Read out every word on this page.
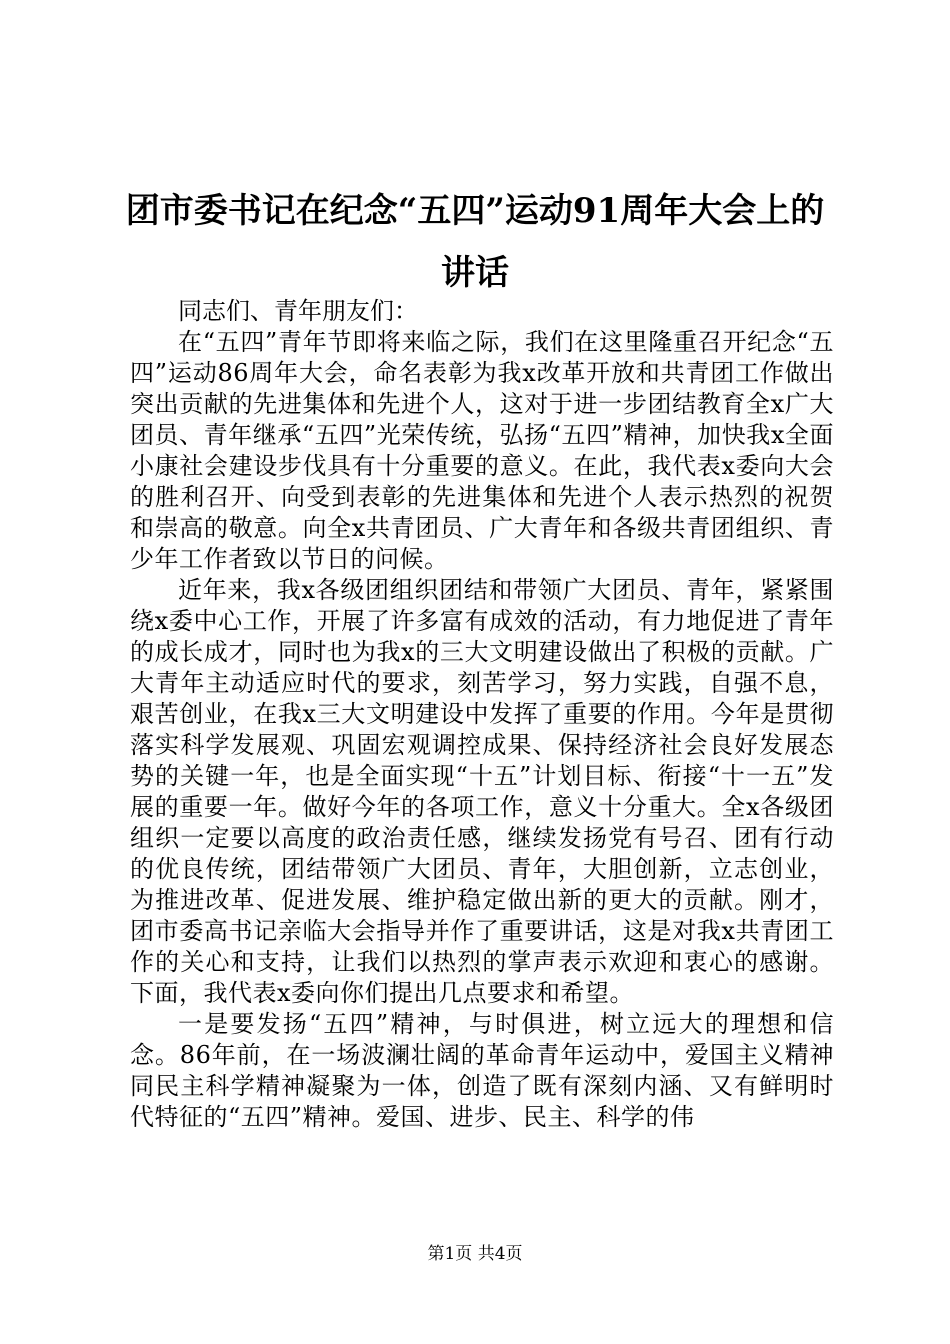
团市委书记在纪念“五四”运动91周年大会上的讲话

同志们、青年朋友们：

在“五四”青年节即将来临之际，我们在这里隆重召开纪念“五四”运动86周年大会，命名表彰为我x改革开放和共青团工作做出突出贡献的先进集体和先进个人，这对于进一步团结教育全x广大团员、青年继承“五四”光荣传统，弘扬“五四”精神，加快我x全面小康社会建设步伐具有十分重要的意义。在此，我代表x委向大会的胜利召开、向受到表彰的先进集体和先进个人表示热烈的祝贺和崇高的敬意。向全x共青团员、广大青年和各级共青团组织、青少年工作者致以节日的问候。

近年来，我x各级团组织团结和带领广大团员、青年，紧紧围绕x委中心工作，开展了许多富有成效的活动，有力地促进了青年的成长成才，同时也为我x的三大文明建设做出了积极的贡献。广大青年主动适应时代的要求，刻苦学习，努力实践，自强不息，艰苦创业，在我x三大文明建设中发挥了重要的作用。今年是贯彻落实科学发展观、巩固宏观调控成果、保持经济社会良好发展态势的关键一年，也是全面实现“十五”计划目标、衔接“十一五”发展的重要一年。做好今年的各项工作，意义十分重大。全x各级团组织一定要以高度的政治责任感，继续发扬党有号召、团有行动的优良传统，团结带领广大团员、青年，大胆创新，立志创业，为推进改革、促进发展、维护稳定做出新的更大的贡献。刚才，团市委高书记亲临大会指导并作了重要讲话，这是对我x共青团工作的关心和支持，让我们以热烈的掌声表示欢迎和衷心的感谢。下面，我代表x委向你们提出几点要求和希望。

一是要发扬“五四”精神，与时俱进，树立远大的理想和信念。86年前，在一场波澜壮阔的革命青年运动中，爱国主义精神同民主科学精神凝聚为一体，创造了既有深刻内涵、又有鲜明时代特征的“五四”精神。爱国、进步、民主、科学的伟

第1页 共4页
